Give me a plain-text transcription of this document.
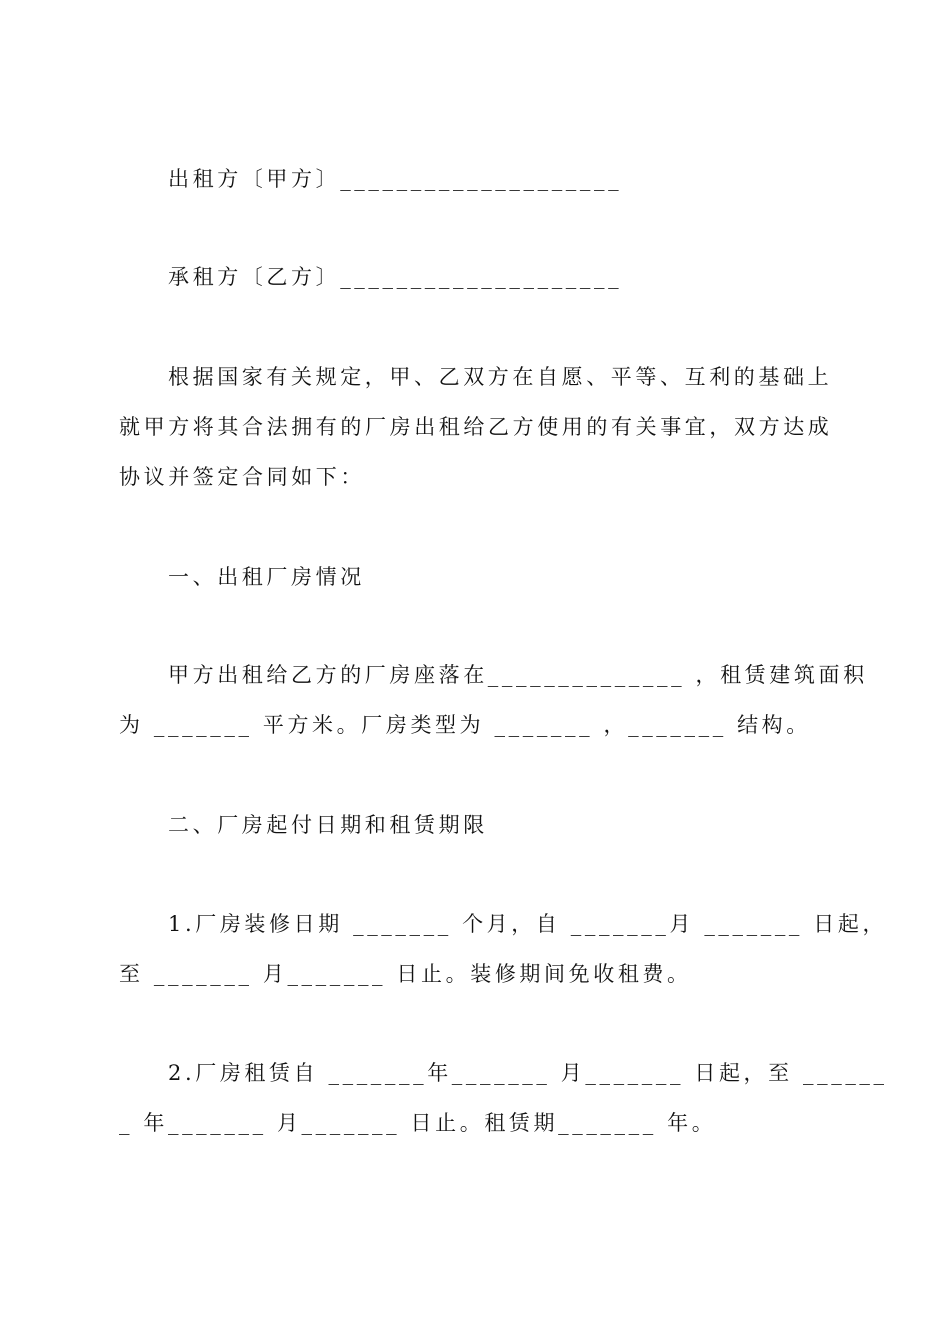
出租方〔甲方〕____________________
承租方〔乙方〕____________________
根据国家有关规定，甲、乙双方在自愿、平等、互利的基础上
就甲方将其合法拥有的厂房出租给乙方使用的有关事宜，双方达成
协议并签定合同如下：
一、出租厂房情况
甲方出租给乙方的厂房座落在______________ ，租赁建筑面积
为 _______ 平方米。厂房类型为 _______ ，_______ 结构。
二、厂房起付日期和租赁期限
1.厂房装修日期 _______ 个月，自 _______月 _______ 日起，
至 _______ 月_______ 日止。装修期间免收租费。
2.厂房租赁自 _______年_______ 月_______ 日起，至 ______
_ 年_______ 月_______ 日止。租赁期_______ 年。
